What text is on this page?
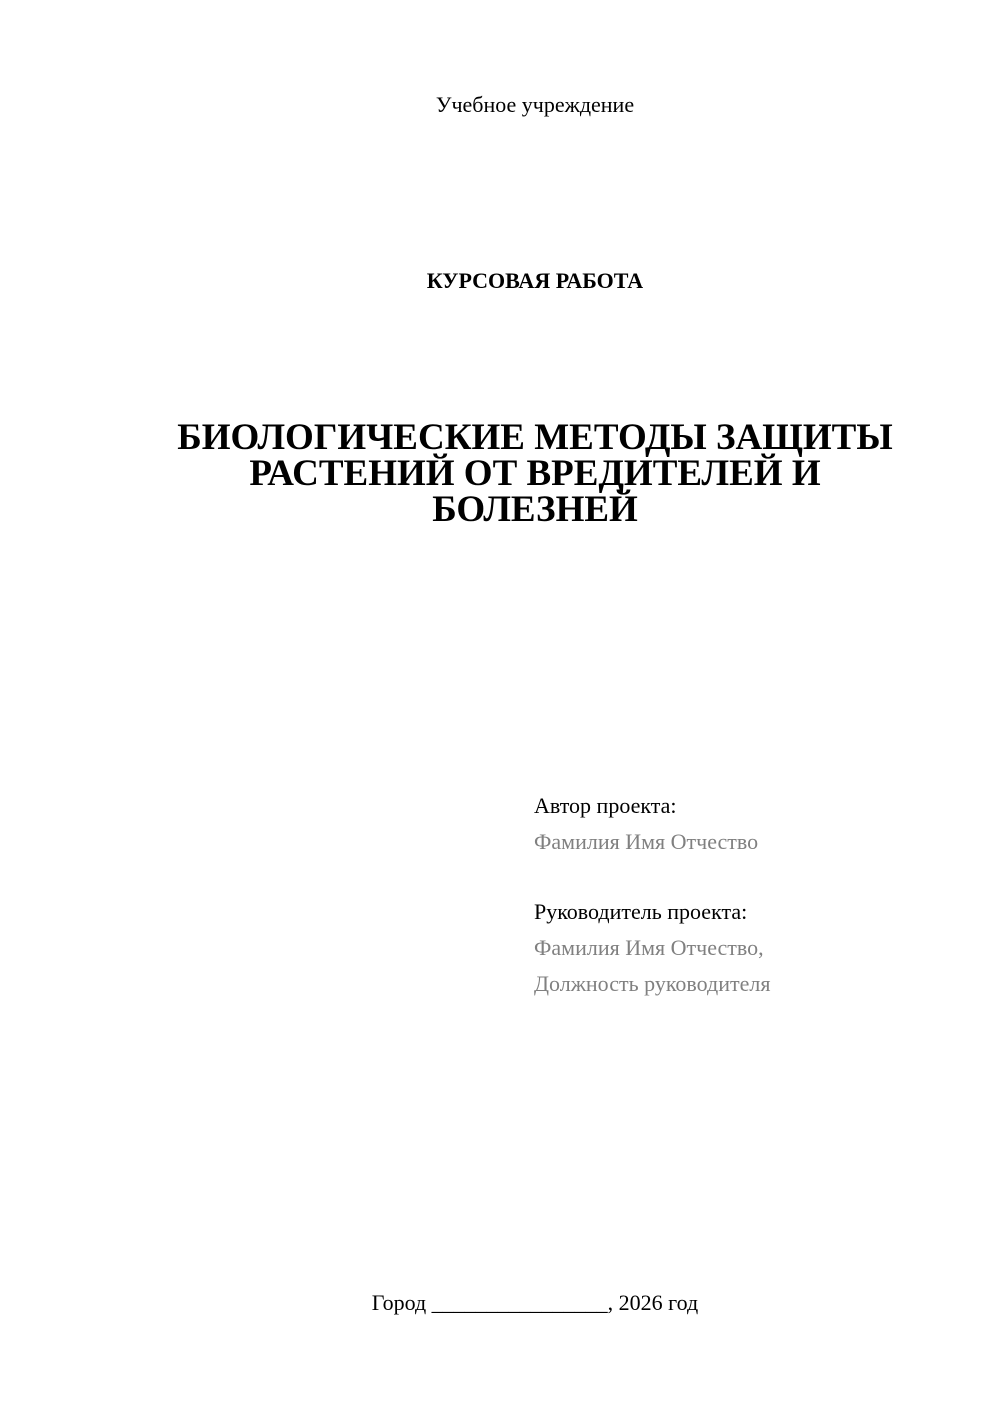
Учебное учреждение
КУРСОВАЯ РАБОТА
БИОЛОГИЧЕСКИЕ МЕТОДЫ ЗАЩИТЫ
РАСТЕНИЙ ОТ ВРЕДИТЕЛЕЙ И
БОЛЕЗНЕЙ
Автор проекта:
Фамилия Имя Отчество
Руководитель проекта:
Фамилия Имя Отчество,
Должность руководителя
Город ________________, 2026 год
